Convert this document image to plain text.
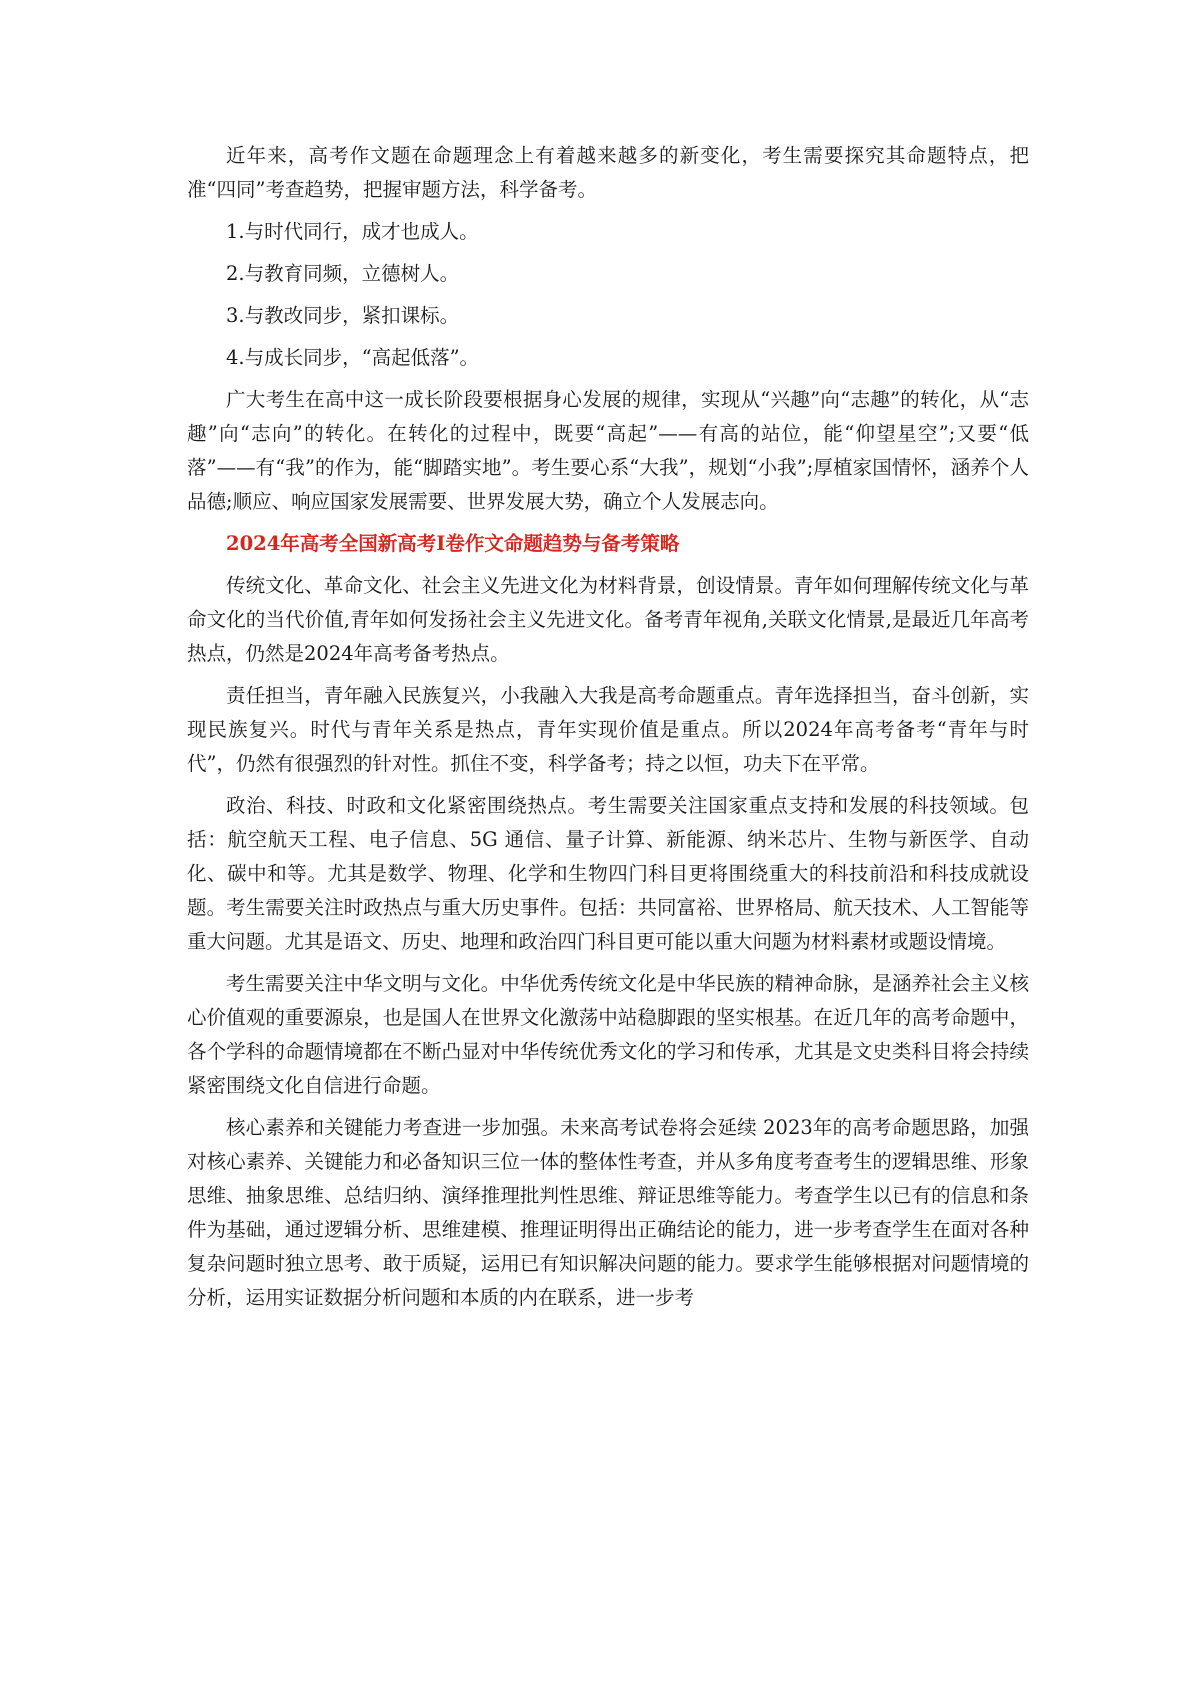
近年来，高考作文题在命题理念上有着越来越多的新变化，考生需要探究其命题特点，把准“四同”考查趋势，把握审题方法，科学备考。

1.与时代同行，成才也成人。

2.与教育同频，立德树人。

3.与教改同步，紧扣课标。

4.与成长同步，“高起低落”。

广大考生在高中这一成长阶段要根据身心发展的规律，实现从“兴趣”向“志趣”的转化，从“志趣”向“志向”的转化。在转化的过程中，既要“高起”——有高的站位，能“仰望星空”;又要“低落”——有“我”的作为，能“脚踏实地”。考生要心系“大我”，规划“小我”;厚植家国情怀，涵养个人品德;顺应、响应国家发展需要、世界发展大势，确立个人发展志向。

2024年高考全国新高考Ⅰ卷作文命题趋势与备考策略

传统文化、革命文化、社会主义先进文化为材料背景，创设情景。青年如何理解传统文化与革命文化的当代价值,青年如何发扬社会主义先进文化。备考青年视角,关联文化情景,是最近几年高考热点，仍然是2024年高考备考热点。

责任担当，青年融入民族复兴，小我融入大我是高考命题重点。青年选择担当，奋斗创新，实现民族复兴。时代与青年关系是热点，青年实现价值是重点。所以2024年高考备考“青年与时代”，仍然有很强烈的针对性。抓住不变，科学备考；持之以恒，功夫下在平常。

政治、科技、时政和文化紧密围绕热点。考生需要关注国家重点支持和发展的科技领域。包括：航空航天工程、电子信息、5G 通信、量子计算、新能源、纳米芯片、生物与新医学、自动化、碳中和等。尤其是数学、物理、化学和生物四门科目更将围绕重大的科技前沿和科技成就设题。考生需要关注时政热点与重大历史事件。包括：共同富裕、世界格局、航天技术、人工智能等重大问题。尤其是语文、历史、地理和政治四门科目更可能以重大问题为材料素材或题设情境。

考生需要关注中华文明与文化。中华优秀传统文化是中华民族的精神命脉，是涵养社会主义核心价值观的重要源泉，也是国人在世界文化激荡中站稳脚跟的坚实根基。在近几年的高考命题中，各个学科的命题情境都在不断凸显对中华传统优秀文化的学习和传承，尤其是文史类科目将会持续紧密围绕文化自信进行命题。

核心素养和关键能力考查进一步加强。未来高考试卷将会延续 2023年的高考命题思路，加强对核心素养、关键能力和必备知识三位一体的整体性考查，并从多角度考查考生的逻辑思维、形象思维、抽象思维、总结归纳、演绎推理批判性思维、辩证思维等能力。考查学生以已有的信息和条件为基础，通过逻辑分析、思维建模、推理证明得出正确结论的能力，进一步考查学生在面对各种复杂问题时独立思考、敢于质疑，运用已有知识解决问题的能力。要求学生能够根据对问题情境的分析，运用实证数据分析问题和本质的内在联系，进一步考
